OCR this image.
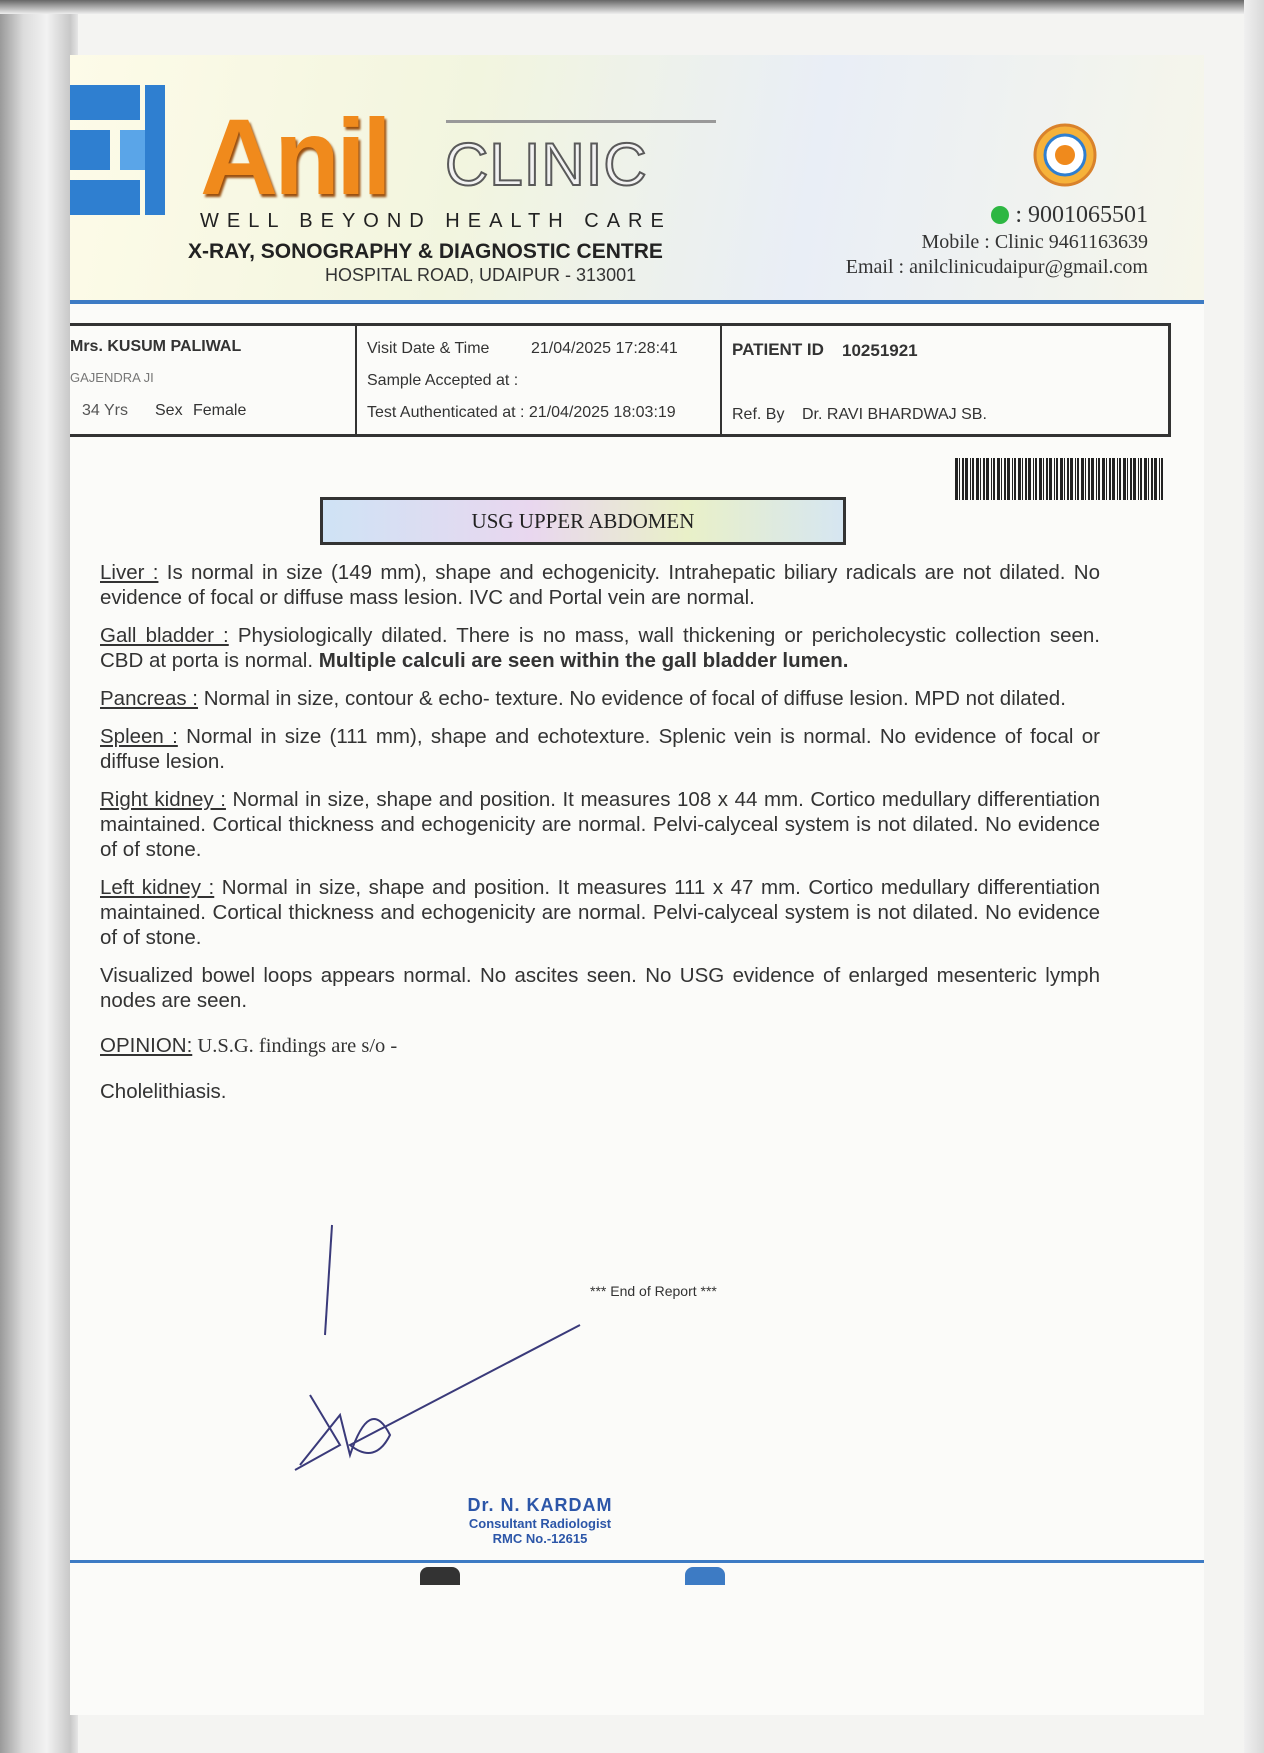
Anil CLINIC
WELL BEYOND HEALTH CARE
X-RAY, SONOGRAPHY & DIAGNOSTIC CENTRE
HOSPITAL ROAD, UDAIPUR - 313001
: 9001065501
Mobile : Clinic 9461163639
Email : anilclinicudaipur@gmail.com
Mrs. KUSUM PALIWAL
GAJENDRA JI
34 Yrs Sex Female
Visit Date & Time	21/04/2025 17:28:41
Sample Accepted at :
Test Authenticated at : 21/04/2025 18:03:19
PATIENT ID 10251921
Ref. By Dr. RAVI BHARDWAJ SB.
USG UPPER ABDOMEN
Liver : Is normal in size (149 mm), shape and echogenicity. Intrahepatic biliary radicals are not dilated. No evidence of focal or diffuse mass lesion. IVC and Portal vein are normal.
Gall bladder : Physiologically dilated. There is no mass, wall thickening or pericholecystic collection seen. CBD at porta is normal. Multiple calculi are seen within the gall bladder lumen.
Pancreas : Normal in size, contour & echo- texture. No evidence of focal of diffuse lesion. MPD not dilated.
Spleen : Normal in size (111 mm), shape and echotexture. Splenic vein is normal. No evidence of focal or diffuse lesion.
Right kidney : Normal in size, shape and position. It measures 108 x 44 mm. Cortico medullary differentiation maintained. Cortical thickness and echogenicity are normal. Pelvi-calyceal system is not dilated. No evidence of of stone.
Left kidney : Normal in size, shape and position. It measures 111 x 47 mm. Cortico medullary differentiation maintained. Cortical thickness and echogenicity are normal. Pelvi-calyceal system is not dilated. No evidence of of stone.
Visualized bowel loops appears normal. No ascites seen. No USG evidence of enlarged mesenteric lymph nodes are seen.
OPINION: U.S.G. findings are s/o -
Cholelithiasis.
*** End of Report ***
Dr. N. KARDAM
Consultant Radiologist
RMC No.-12615
